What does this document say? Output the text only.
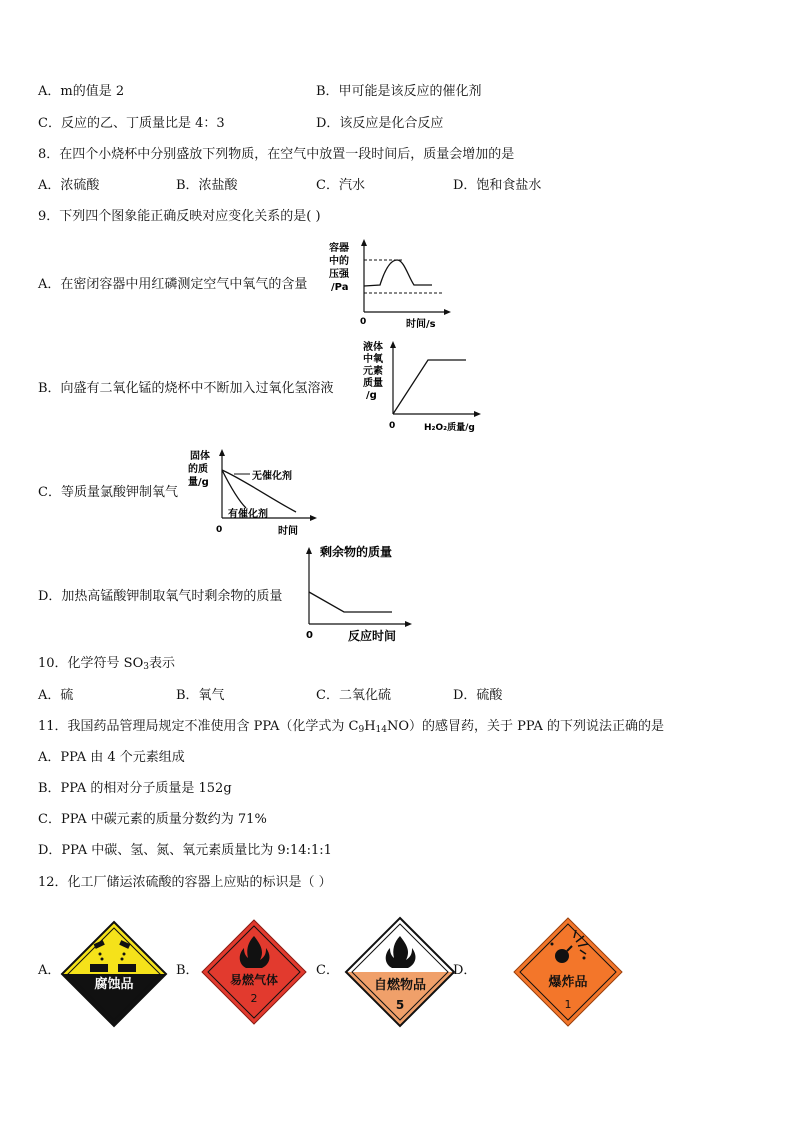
A．m的值是 2	B．甲可能是该反应的催化剂
C．反应的乙、丁质量比是 4：3	D．该反应是化合反应
8．在四个小烧杯中分别盛放下列物质，在空气中放置一段时间后，质量会增加的是
A．浓硫酸	B．浓盐酸	C．汽水	D．饱和食盐水
9．下列四个图象能正确反映对应变化关系的是( )
A．在密闭容器中用红磷测定空气中氧气的含量
容器
中的
压强
/Pa
0	时间/s
B．向盛有二氧化锰的烧杯中不断加入过氧化氢溶液
液体
中氧
元素
质量
/g
0	H₂O₂质量/g
C．等质量氯酸钾制氧气
固体
的质
量/g
无催化剂
有催化剂
0	时间
D．加热高锰酸钾制取氧气时剩余物的质量
剩余物的质量
0	反应时间
10．化学符号 $SO_3$表示
A．硫	B．氧气	C．二氧化硫	D．硫酸
11．我国药品管理局规定不准使用含 PPA（化学式为 $C_9H_{14}NO$）的感冒药，关于 PPA 的下列说法正确的是
A．PPA 由 4 个元素组成
B．PPA 的相对分子质量是 152g
C．PPA 中碳元素的质量分数约为 71%
D．PPA 中碳、氢、氮、氧元素质量比为 9:14:1:1
12．化工厂储运浓硫酸的容器上应贴的标识是（ ）
A．
腐蚀品
B．
易燃气体
2
C．
自燃物品
5
D．
爆炸品
1
